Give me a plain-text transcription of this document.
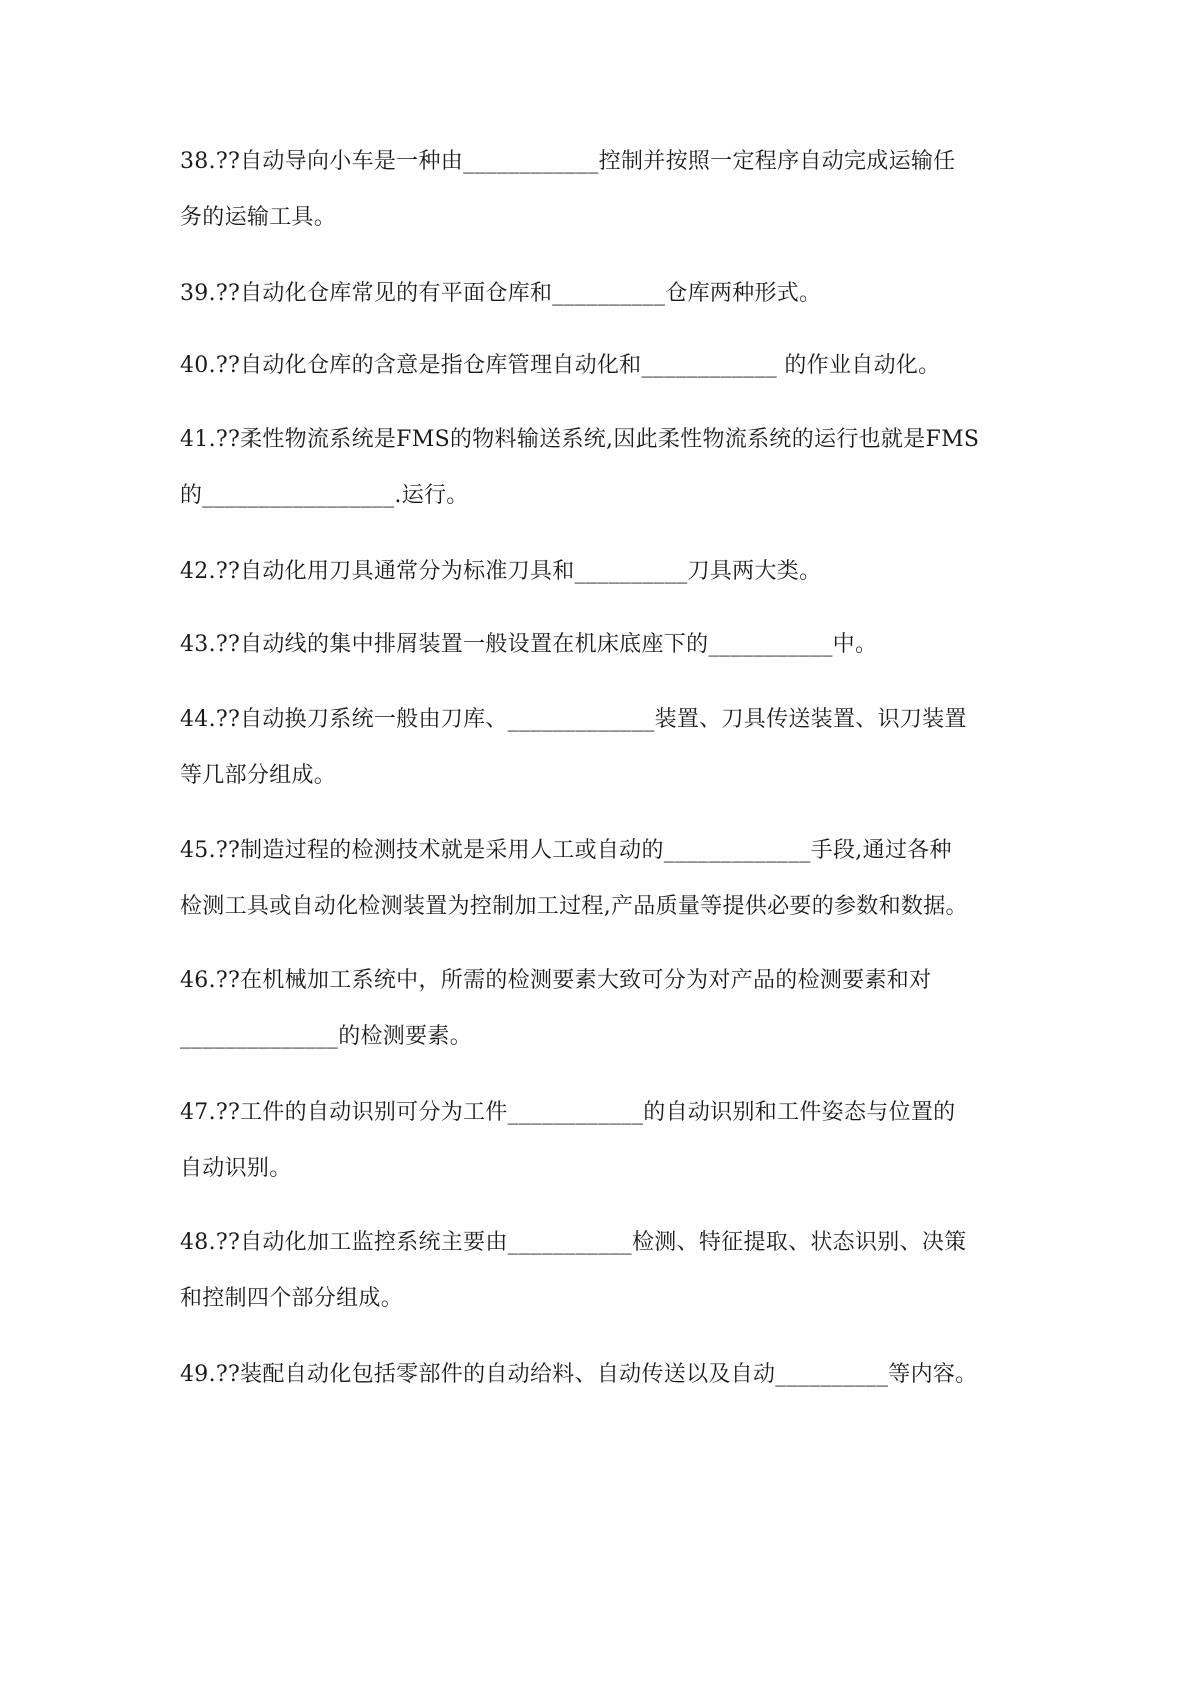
38.??自动导向小车是一种由____________控制并按照一定程序自动完成运输任
务的运输工具。
39.??自动化仓库常见的有平面仓库和__________仓库两种形式。
40.??自动化仓库的含意是指仓库管理自动化和____________ 的作业自动化。
41.??柔性物流系统是FMS的物料输送系统,因此柔性物流系统的运行也就是FMS
的_________________.运行。
42.??自动化用刀具通常分为标准刀具和__________刀具两大类。
43.??自动线的集中排屑装置一般设置在机床底座下的___________中。
44.??自动换刀系统一般由刀库、_____________装置、刀具传送装置、识刀装置
等几部分组成。
45.??制造过程的检测技术就是采用人工或自动的_____________手段,通过各种
检测工具或自动化检测装置为控制加工过程,产品质量等提供必要的参数和数据。
46.??在机械加工系统中，所需的检测要素大致可分为对产品的检测要素和对
______________的检测要素。
47.??工件的自动识别可分为工件____________的自动识别和工件姿态与位置的
自动识别。
48.??自动化加工监控系统主要由___________检测、特征提取、状态识别、决策
和控制四个部分组成。
49.??装配自动化包括零部件的自动给料、自动传送以及自动__________等内容。
